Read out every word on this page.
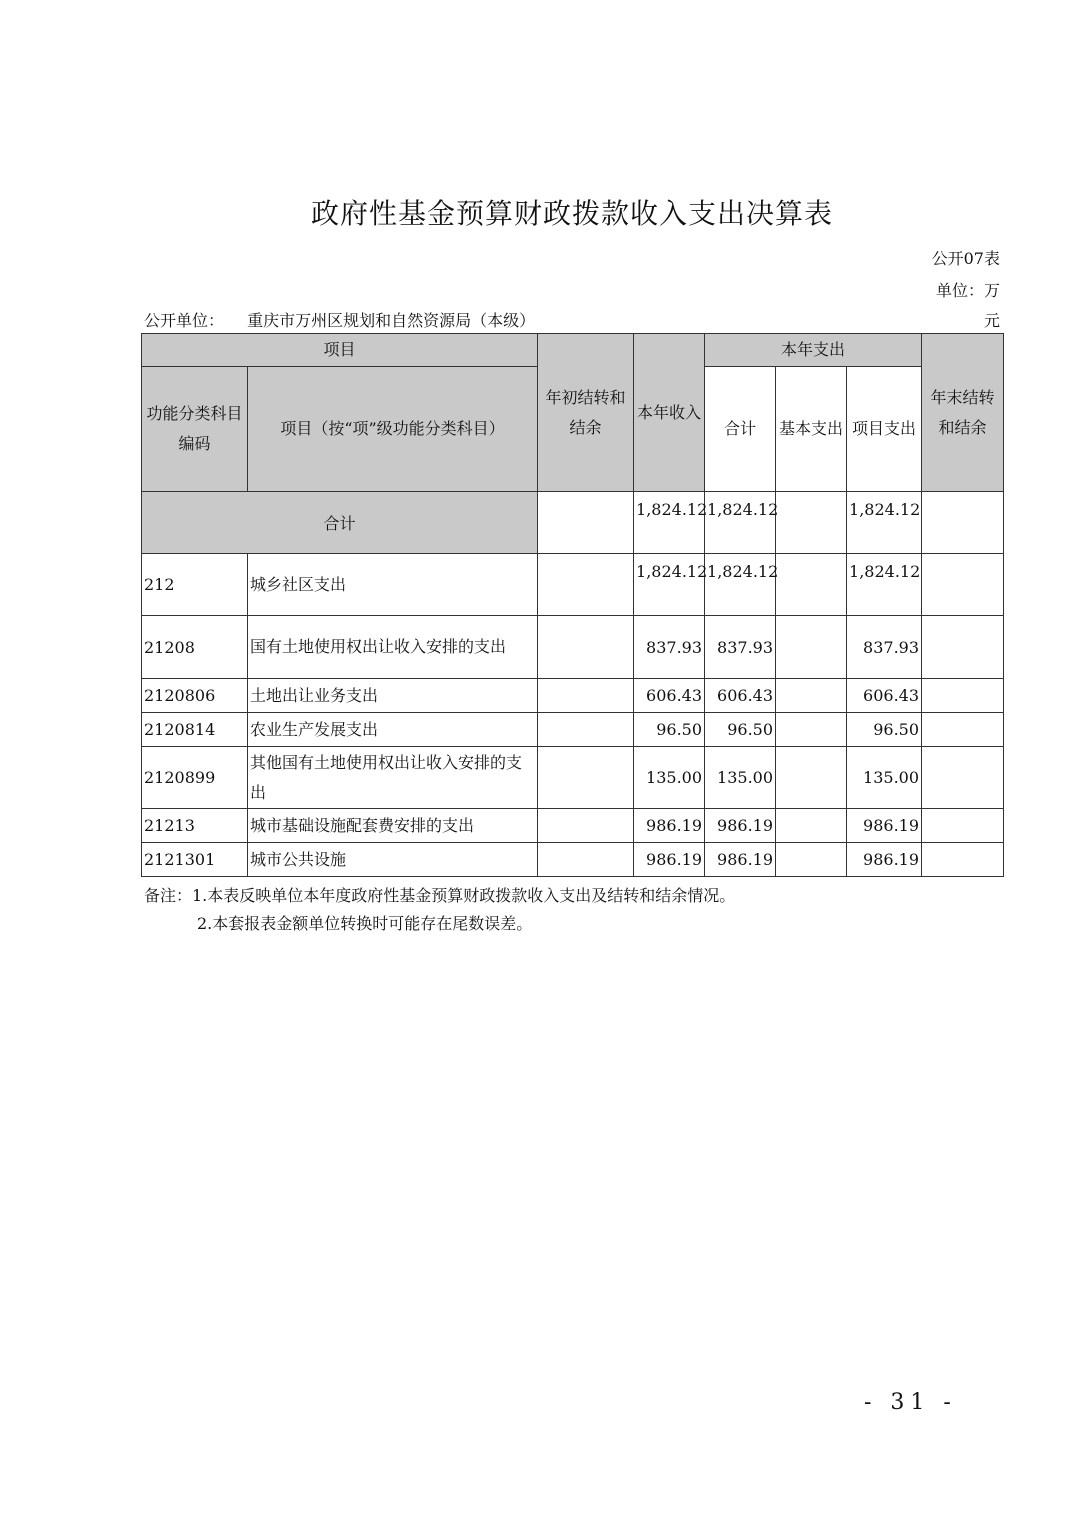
政府性基金预算财政拨款收入支出决算表
公开07表
单位：万
元
公开单位： 重庆市万州区规划和自然资源局（本级）
项目		年初结转和结余	本年收入	本年支出			年末结转和结余
功能分类科目编码	项目（按“项”级功能分类科目）			合计	基本支出	项目支出	
合计			1,824.12	1,824.12		1,824.12	
212	城乡社区支出		1,824.12	1,824.12		1,824.12	
21208	国有土地使用权出让收入安排的支出		837.93	837.93		837.93	
2120806	土地出让业务支出		606.43	606.43		606.43	
2120814	农业生产发展支出		96.50	96.50		96.50	
2120899	其他国有土地使用权出让收入安排的支出		135.00	135.00		135.00	
21213	城市基础设施配套费安排的支出		986.19	986.19		986.19	
2121301	城市公共设施		986.19	986.19		986.19	
备注：1.本表反映单位本年度政府性基金预算财政拨款收入支出及结转和结余情况。
2.本套报表金额单位转换时可能存在尾数误差。
- 31 -
